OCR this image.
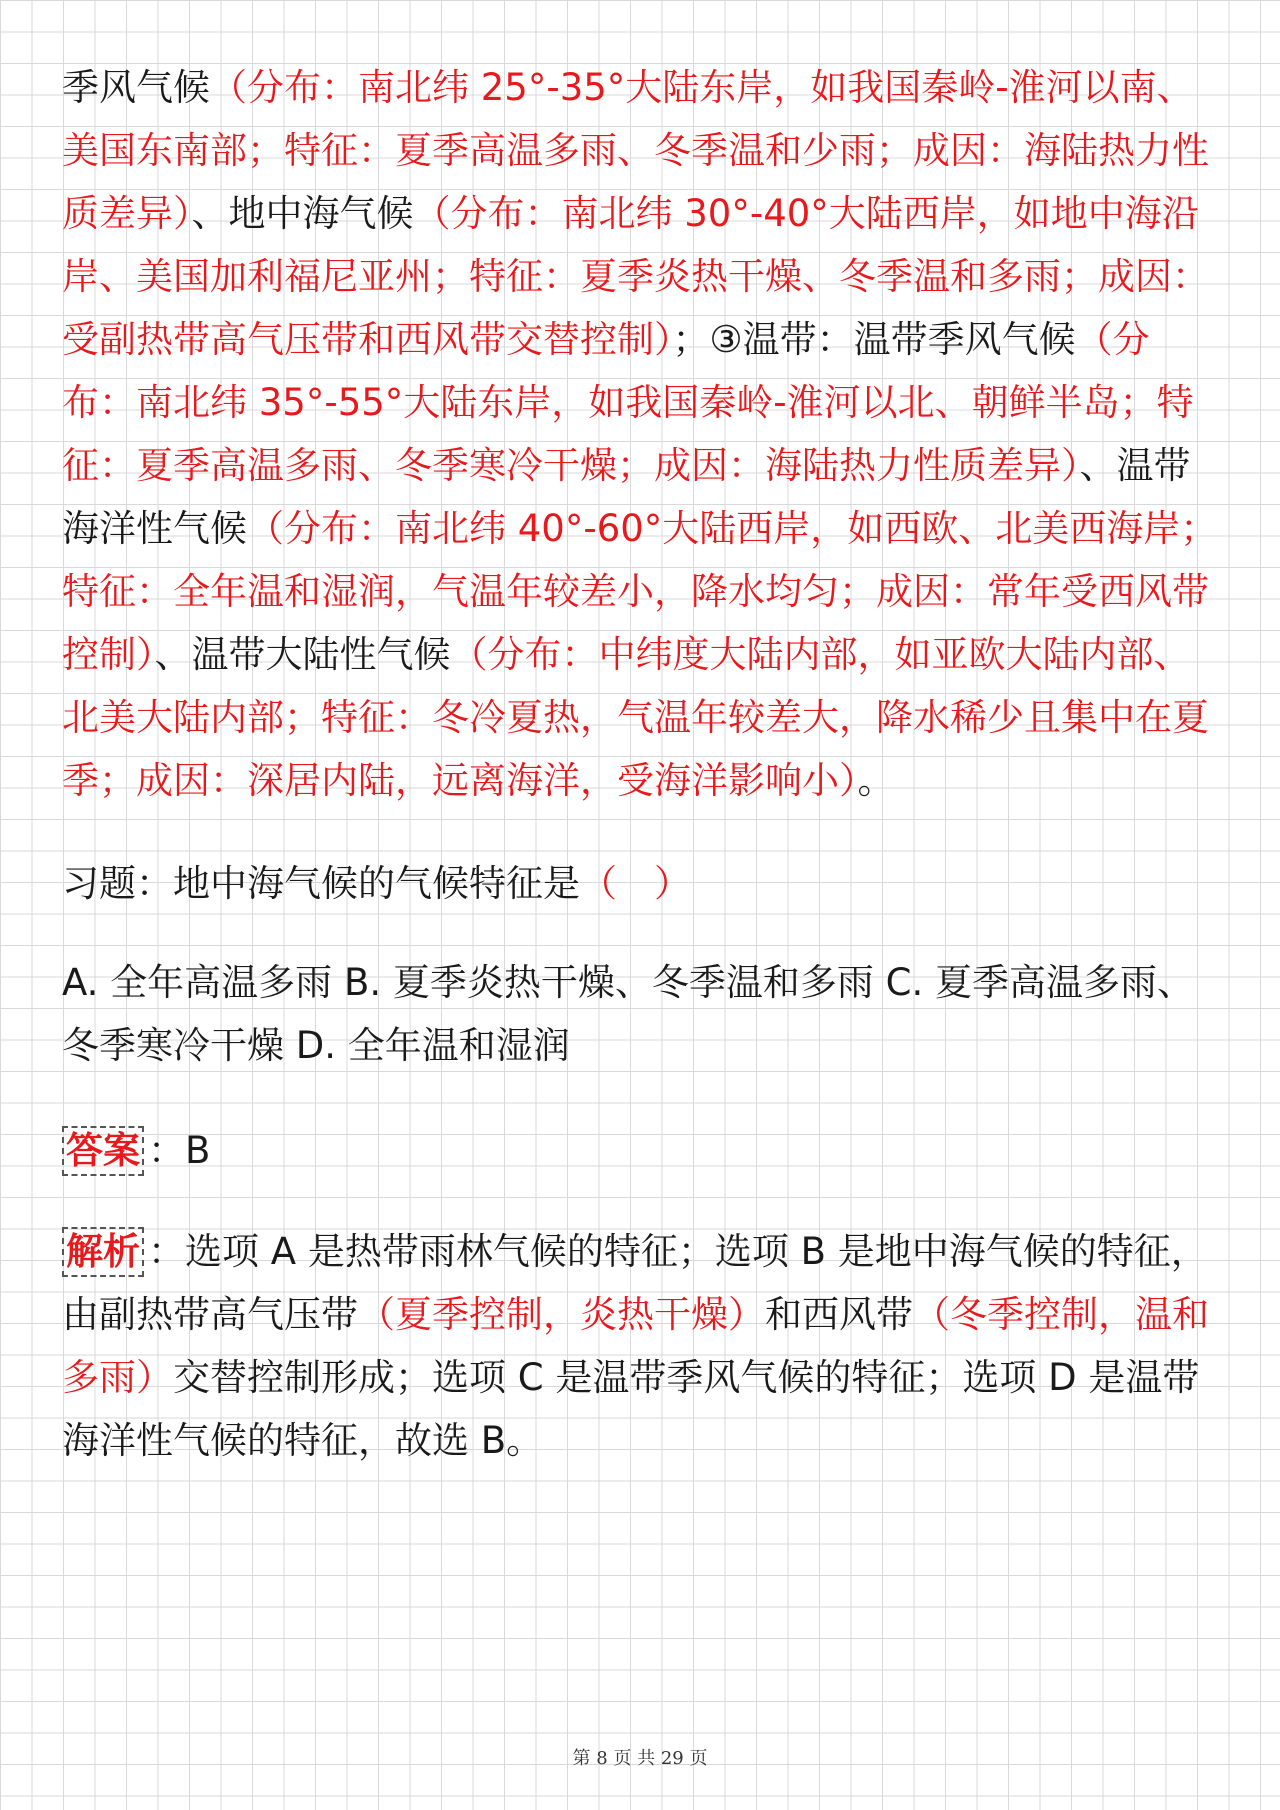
季风气候（分布：南北纬 25°-35°大陆东岸，如我国秦岭-淮河以南、美国东南部；特征：夏季高温多雨、冬季温和少雨；成因：海陆热力性质差异）、地中海气候（分布：南北纬 30°-40°大陆西岸，如地中海沿岸、美国加利福尼亚州；特征：夏季炎热干燥、冬季温和多雨；成因：受副热带高气压带和西风带交替控制）；③温带：温带季风气候（分布：南北纬 35°-55°大陆东岸，如我国秦岭-淮河以北、朝鲜半岛；特征：夏季高温多雨、冬季寒冷干燥；成因：海陆热力性质差异）、温带海洋性气候（分布：南北纬 40°-60°大陆西岸，如西欧、北美西海岸；特征：全年温和湿润，气温年较差小，降水均匀；成因：常年受西风带控制）、温带大陆性气候（分布：中纬度大陆内部，如亚欧大陆内部、北美大陆内部；特征：冬冷夏热，气温年较差大，降水稀少且集中在夏季；成因：深居内陆，远离海洋，受海洋影响小）。

习题：地中海气候的气候特征是（　）

A. 全年高温多雨 B. 夏季炎热干燥、冬季温和多雨 C. 夏季高温多雨、冬季寒冷干燥 D. 全年温和湿润

答案 ：B

解析 ：选项 A 是热带雨林气候的特征；选项 B 是地中海气候的特征，由副热带高气压带（夏季控制，炎热干燥）和西风带（冬季控制，温和多雨）交替控制形成；选项 C 是温带季风气候的特征；选项 D 是温带海洋性气候的特征，故选 B。

第 8 页 共 29 页
